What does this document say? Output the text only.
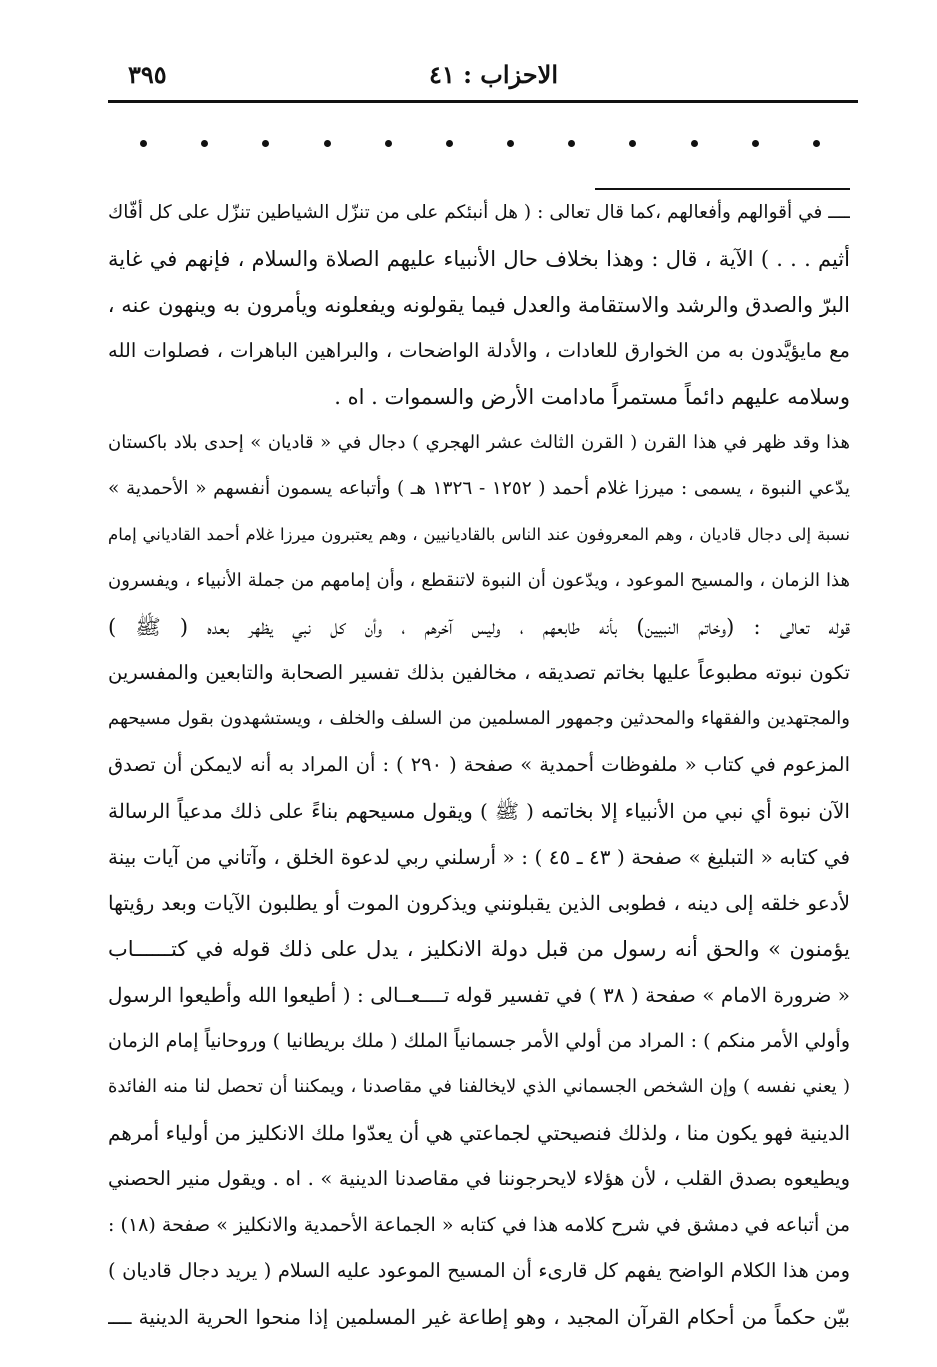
الاحزاب : ٤١
٣٩٥
ــــ في أقوالهم وأفعالهم ،كما قال تعالى : ( هل أنبئكم على من تنزّل الشياطين تنزّل على كل أفّاك
أثيم . . . ) الآية ، قال : وهذا بخلاف حال الأنبياء عليهم الصلاة والسلام ، فإنهم في غاية
البرّ والصدق والرشد والاستقامة والعدل فيما يقولونه ويفعلونه ويأمرون به وينهون عنه ،
مع مايؤيَّدون به من الخوارق للعادات ، والأدلة الواضحات ، والبراهين الباهرات ، فصلوات الله
وسلامه عليهم دائماً مستمراً مادامت الأرض والسموات . اه .
هذا وقد ظهر في هذا القرن ( القرن الثالث عشر الهجري ) دجال في « قاديان » إحدى بلاد باكستان
يدّعي النبوة ، يسمى : ميرزا غلام أحمد ( ١٢٥٢ - ١٣٢٦ هـ ) وأتباعه يسمون أنفسهم « الأحمدية »
نسبة إلى دجال قاديان ، وهم المعروفون عند الناس بالقاديانيين ، وهم يعتبرون ميرزا غلام أحمد القادياني إمام
هذا الزمان ، والمسيح الموعود ، ويدّعون أن النبوة لاتنقطع ، وأن إمامهم من جملة الأنبياء ، ويفسرون
قوله تعالى : (وخاتم النبيين) بأنه طابعهم ، وليس آخرهم ، وأن كل نبي يظهر بعده ( ﷺ )
تكون نبوته مطبوعاً عليها بخاتم تصديقه ، مخالفين بذلك تفسير الصحابة والتابعين والمفسرين
والمجتهدين والفقهاء والمحدثين وجمهور المسلمين من السلف والخلف ، ويستشهدون بقول مسيحهم
المزعوم في كتاب « ملفوظات أحمدية » صفحة ( ٢٩٠ ) : أن المراد به أنه لايمكن أن تصدق
الآن نبوة أي نبي من الأنبياء إلا بخاتمه ( ﷺ ) ويقول مسيحهم بناءً على ذلك مدعياً الرسالة
في كتابه « التبليغ » صفحة ( ٤٣ ـ ٤٥ ) : « أرسلني ربي لدعوة الخلق ، وآتاني من آيات بينة
لأدعو خلقه إلى دينه ، فطوبى الذين يقبلونني ويذكرون الموت أو يطلبون الآيات وبعد رؤيتها
يؤمنون » والحق أنه رسول من قبل دولة الانكليز ، يدل على ذلك قوله في كتــــــاب
« ضرورة الامام » صفحة ( ٣٨ ) في تفسير قوله تــــعــالى : ( أطيعوا الله وأطيعوا الرسول
وأولي الأمر منكم ) : المراد من أولي الأمر جسمانياً الملك ( ملك بريطانيا ) وروحانياً إمام الزمان
( يعني نفسه ) وإن الشخص الجسماني الذي لايخالفنا في مقاصدنا ، ويمكننا أن تحصل لنا منه الفائدة
الدينية فهو يكون منا ، ولذلك فنصيحتي لجماعتي هي أن يعدّوا ملك الانكليز من أولياء أمرهم
ويطيعوه بصدق القلب ، لأن هؤلاء لايحرجوننا في مقاصدنا الدينية » . اه . ويقول منير الحصني
من أتباعه في دمشق في شرح كلامه هذا في كتابه « الجماعة الأحمدية والانكليز » صفحة (١٨) :
ومن هذا الكلام الواضح يفهم كل قارىء أن المسيح الموعود عليه السلام ( يريد دجال قاديان )
بيّن حكماً من أحكام القرآن المجيد ، وهو إطاعة غير المسلمين إذا منحوا الحرية الدينية ــــ
